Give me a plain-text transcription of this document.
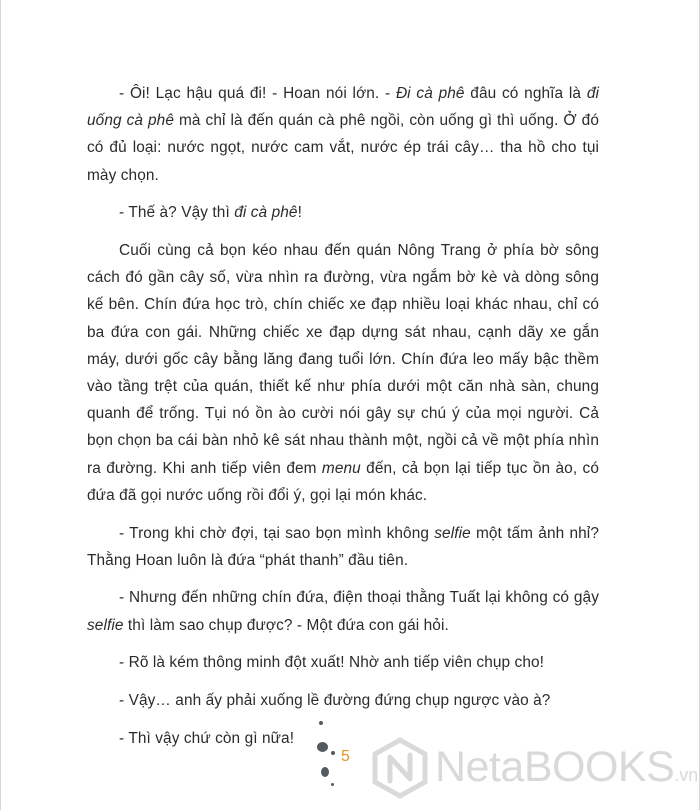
- Ôi! Lạc hậu quá đi! - Hoan nói lớn. - Đi cà phê đâu có nghĩa là đi uống cà phê mà chỉ là đến quán cà phê ngồi, còn uống gì thì uống. Ở đó có đủ loại: nước ngọt, nước cam vắt, nước ép trái cây… tha hồ cho tụi mày chọn.

- Thế à? Vậy thì đi cà phê!

Cuối cùng cả bọn kéo nhau đến quán Nông Trang ở phía bờ sông cách đó gần cây số, vừa nhìn ra đường, vừa ngắm bờ kè và dòng sông kế bên. Chín đứa học trò, chín chiếc xe đạp nhiều loại khác nhau, chỉ có ba đứa con gái. Những chiếc xe đạp dựng sát nhau, cạnh dãy xe gắn máy, dưới gốc cây bằng lăng đang tuổi lớn. Chín đứa leo mấy bậc thềm vào tầng trệt của quán, thiết kế như phía dưới một căn nhà sàn, chung quanh để trống. Tụi nó ồn ào cười nói gây sự chú ý của mọi người. Cả bọn chọn ba cái bàn nhỏ kê sát nhau thành một, ngồi cả về một phía nhìn ra đường. Khi anh tiếp viên đem menu đến, cả bọn lại tiếp tục ồn ào, có đứa đã gọi nước uống rồi đổi ý, gọi lại món khác.

- Trong khi chờ đợi, tại sao bọn mình không selfie một tấm ảnh nhỉ? Thằng Hoan luôn là đứa “phát thanh” đầu tiên.

- Nhưng đến những chín đứa, điện thoại thằng Tuất lại không có gậy selfie thì làm sao chụp được? - Một đứa con gái hỏi.

- Rõ là kém thông minh đột xuất! Nhờ anh tiếp viên chụp cho!

- Vậy… anh ấy phải xuống lề đường đứng chụp ngược vào à?

- Thì vậy chứ còn gì nữa!

5 NetaBOOKS.vn
